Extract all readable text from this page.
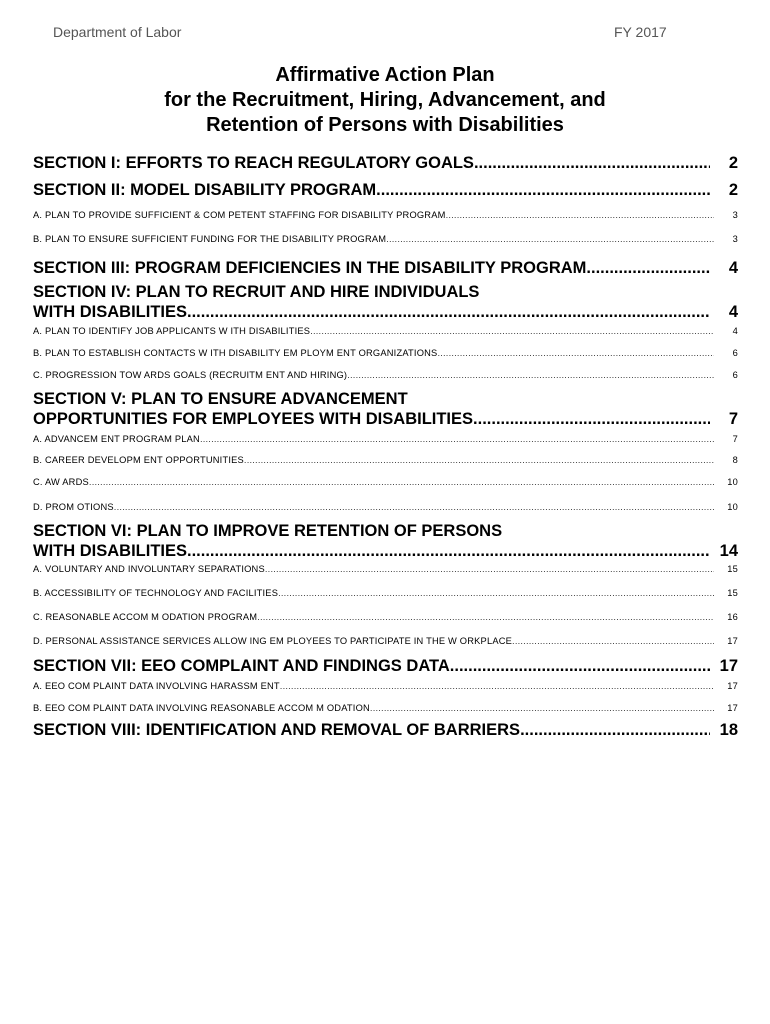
Department of Labor	FY 2017
Affirmative Action Plan
for the Recruitment, Hiring, Advancement, and
Retention of Persons with Disabilities
SECTION I: EFFORTS TO REACH REGULATORY GOALS .....	2
SECTION II: MODEL DISABILITY PROGRAM .....	2
A. PLAN TO PROVIDE SUFFICIENT & COM PETENT STAFFING FOR DISABILITY PROGRAM .....	3
B. PLAN TO ENSURE SUFFICIENT FUNDING FOR THE DISABILITY PROGRAM .....	3
SECTION III: PROGRAM DEFICIENCIES IN THE DISABILITY PROGRAM .....	4
SECTION IV: PLAN TO RECRUIT AND HIRE INDIVIDUALS
WITH DISABILITIES .....	4
A. PLAN TO IDENTIFY JOB APPLICANTS W ITH DISABILITIES .....	4
B. PLAN TO ESTABLISH CONTACTS W ITH DISABILITY EM PLOYM ENT ORGANIZATIONS .....	6
C. PROGRESSION TOW ARDS GOALS (RECRUITM ENT AND HIRING) .....	6
SECTION V: PLAN TO ENSURE ADVANCEMENT
OPPORTUNITIES FOR EMPLOYEES WITH DISABILITIES .....	7
A. ADVANCEM ENT PROGRAM PLAN .....	7
B. CAREER DEVELOPM ENT OPPORTUNITIES .....	8
C. AW ARDS .....	10
D. PROM OTIONS .....	10
SECTION VI: PLAN TO IMPROVE RETENTION OF PERSONS
WITH DISABILITIES .....	14
A. VOLUNTARY AND INVOLUNTARY SEPARATIONS .....	15
B. ACCESSIBILITY OF TECHNOLOGY AND FACILITIES .....	15
C. REASONABLE ACCOM M ODATION PROGRAM .....	16
D. PERSONAL ASSISTANCE SERVICES ALLOW ING EM PLOYEES TO PARTICIPATE IN THE W ORKPLACE .....	17
SECTION VII: EEO COMPLAINT AND FINDINGS DATA .....	17
A. EEO COM PLAINT DATA INVOLVING HARASSM ENT .....	17
B. EEO COM PLAINT DATA INVOLVING REASONABLE ACCOM M ODATION .....	17
SECTION VIII: IDENTIFICATION AND REMOVAL OF BARRIERS .....	18
